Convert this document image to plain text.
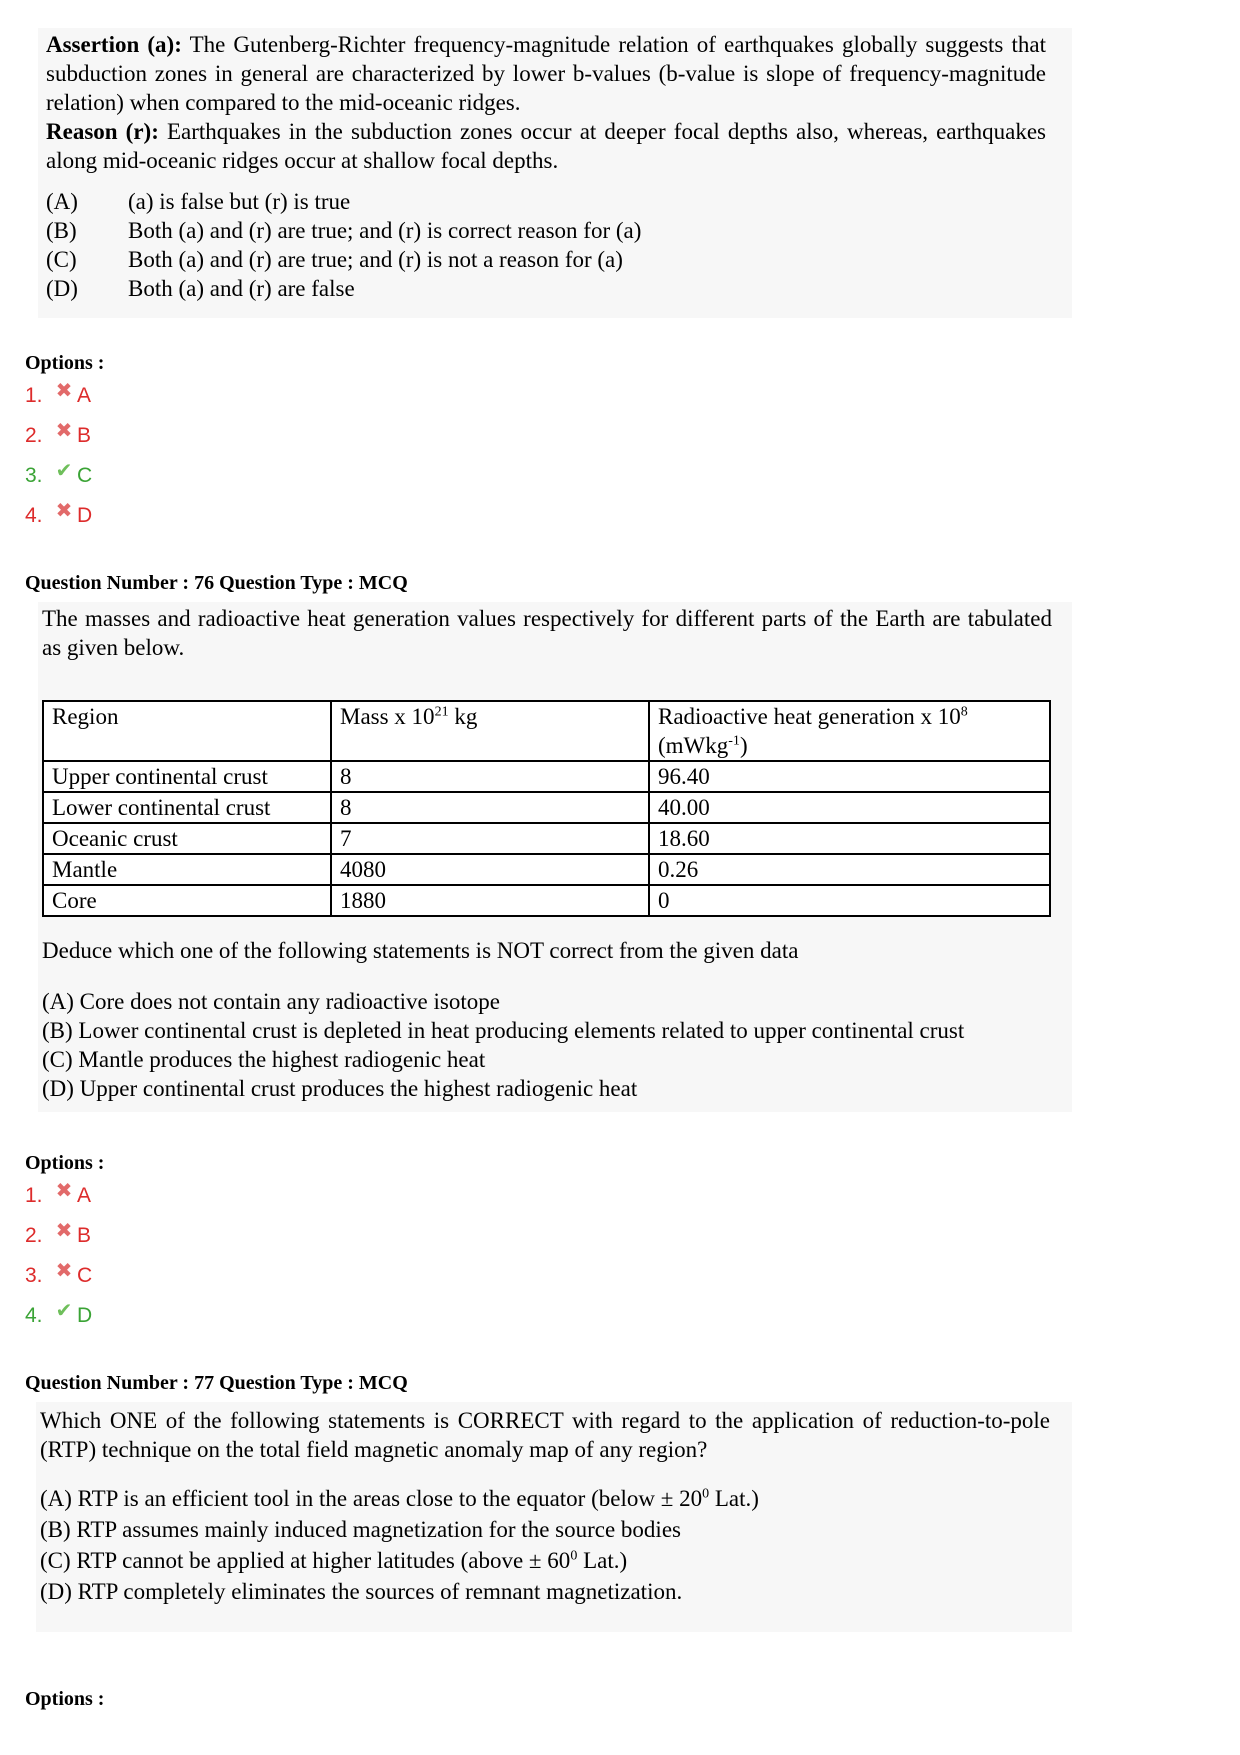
Assertion (a): The Gutenberg-Richter frequency-magnitude relation of earthquakes globally suggests that subduction zones in general are characterized by lower b-values (b-value is slope of frequency-magnitude relation) when compared to the mid-oceanic ridges.

Reason (r): Earthquakes in the subduction zones occur at deeper focal depths also, whereas, earthquakes along mid-oceanic ridges occur at shallow focal depths.

(A)	(a) is false but (r) is true
(B)	Both (a) and (r) are true; and (r) is correct reason for (a)
(C)	Both (a) and (r) are true; and (r) is not a reason for (a)
(D)	Both (a) and (r) are false
Options :
1. ✖ A
2. ✖ B
3. ✔ C
4. ✖ D
Question Number : 76 Question Type : MCQ

The masses and radioactive heat generation values respectively for different parts of the Earth are tabulated as given below.

Region	Mass x $10^{21}$ kg	Radioactive heat generation x $10^8$
(mWkg$^{-1}$)
Upper continental crust	8	96.40
Lower continental crust	8	40.00
Oceanic crust	7	18.60
Mantle	4080	0.26
Core	1880	0

Deduce which one of the following statements is NOT correct from the given data

(A) Core does not contain any radioactive isotope
(B) Lower continental crust is depleted in heat producing elements related to upper continental crust
(C) Mantle produces the highest radiogenic heat
(D) Upper continental crust produces the highest radiogenic heat
Options :
1. ✖ A
2. ✖ B
3. ✖ C
4. ✔ D
Question Number : 77 Question Type : MCQ

Which ONE of the following statements is CORRECT with regard to the application of reduction-to-pole (RTP) technique on the total field magnetic anomaly map of any region?

(A) RTP is an efficient tool in the areas close to the equator (below ± $20^0$ Lat.)
(B) RTP assumes mainly induced magnetization for the source bodies
(C) RTP cannot be applied at higher latitudes (above ± $60^0$ Lat.)
(D) RTP completely eliminates the sources of remnant magnetization.
Options :
